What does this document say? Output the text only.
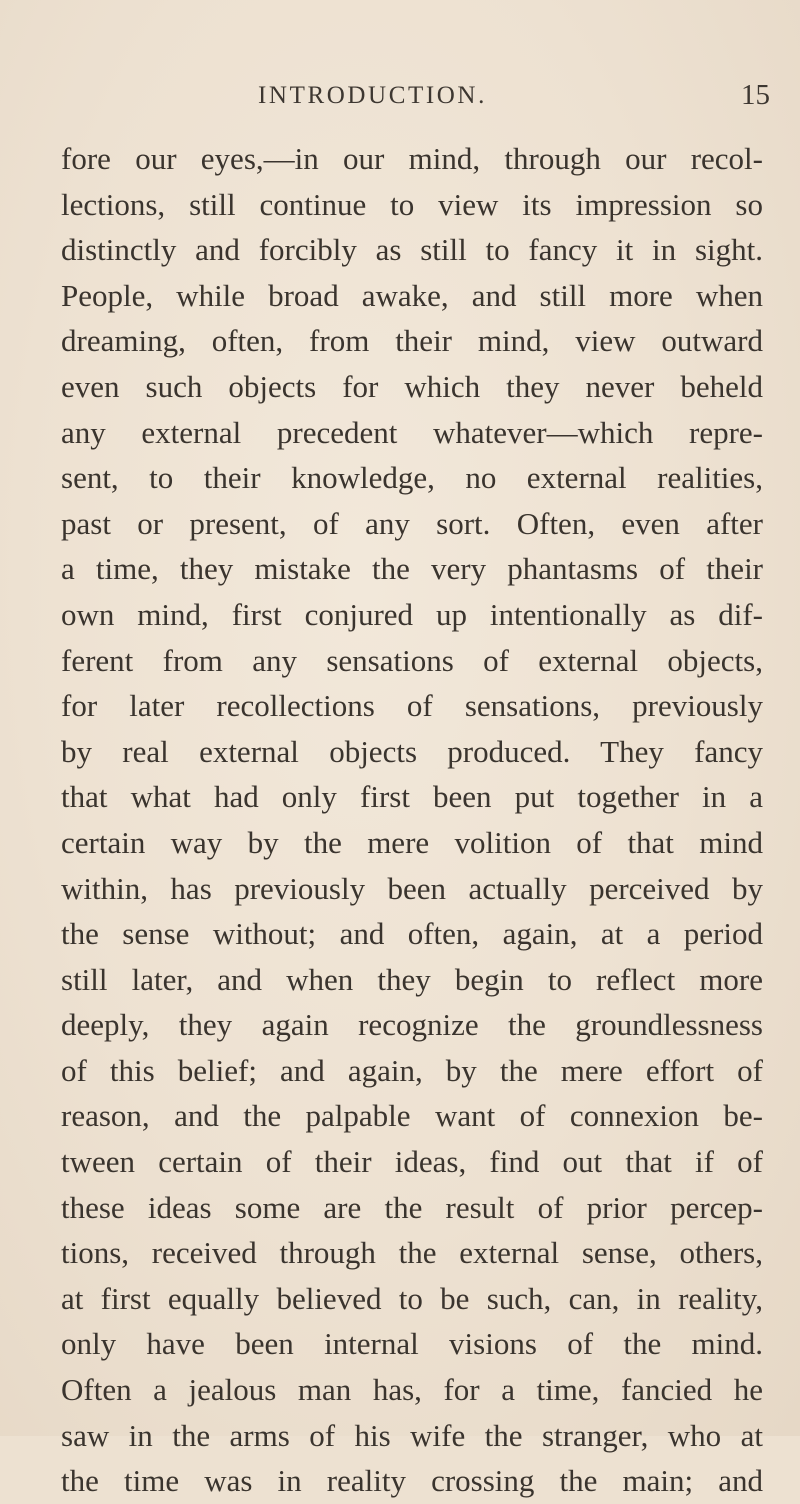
INTRODUCTION.	15
fore our eyes,—in our mind, through our recol-
lections, still continue to view its impression so
distinctly and forcibly as still to fancy it in sight.
People, while broad awake, and still more when
dreaming, often, from their mind, view outward
even such objects for which they never beheld
any external precedent whatever—which repre-
sent, to their knowledge, no external realities,
past or present, of any sort. Often, even after
a time, they mistake the very phantasms of their
own mind, first conjured up intentionally as dif-
ferent from any sensations of external objects,
for later recollections of sensations, previously
by real external objects produced. They fancy
that what had only first been put together in a
certain way by the mere volition of that mind
within, has previously been actually perceived by
the sense without; and often, again, at a period
still later, and when they begin to reflect more
deeply, they again recognize the groundlessness
of this belief; and again, by the mere effort of
reason, and the palpable want of connexion be-
tween certain of their ideas, find out that if of
these ideas some are the result of prior percep-
tions, received through the external sense, others,
at first equally believed to be such, can, in reality,
only have been internal visions of the mind.
Often a jealous man has, for a time, fancied he
saw in the arms of his wife the stranger, who at
the time was in reality crossing the main; and
